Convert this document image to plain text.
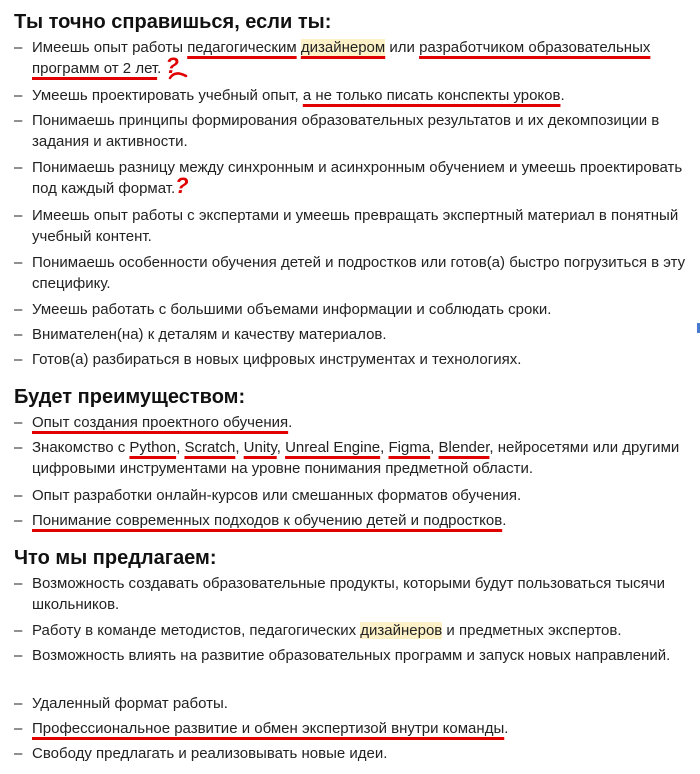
Ты точно справишься, если ты:
– Имеешь опыт работы педагогическим дизайнером или разработчиком образовательных программ от 2 лет. ?
– Умеешь проектировать учебный опыт, а не только писать конспекты уроков.
– Понимаешь принципы формирования образовательных результатов и их декомпозиции в задания и активности.
– Понимаешь разницу между синхронным и асинхронным обучением и умеешь проектировать под каждый формат.?
– Имеешь опыт работы с экспертами и умеешь превращать экспертный материал в понятный учебный контент.
– Понимаешь особенности обучения детей и подростков или готов(а) быстро погрузиться в эту специфику.
– Умеешь работать с большими объемами информации и соблюдать сроки.
– Внимателен(на) к деталям и качеству материалов.
– Готов(а) разбираться в новых цифровых инструментах и технологиях.
Будет преимуществом:
– Опыт создания проектного обучения.
– Знакомство с Python, Scratch, Unity, Unreal Engine, Figma, Blender, нейросетями или другими цифровыми инструментами на уровне понимания предметной области.
– Опыт разработки онлайн-курсов или смешанных форматов обучения.
– Понимание современных подходов к обучению детей и подростков.
Что мы предлагаем:
– Возможность создавать образовательные продукты, которыми будут пользоваться тысячи школьников.
– Работу в команде методистов, педагогических дизайнеров и предметных экспертов.
– Возможность влиять на развитие образовательных программ и запуск новых направлений.
– Удаленный формат работы.
– Профессиональное развитие и обмен экспертизой внутри команды.
– Свободу предлагать и реализовывать новые идеи.
